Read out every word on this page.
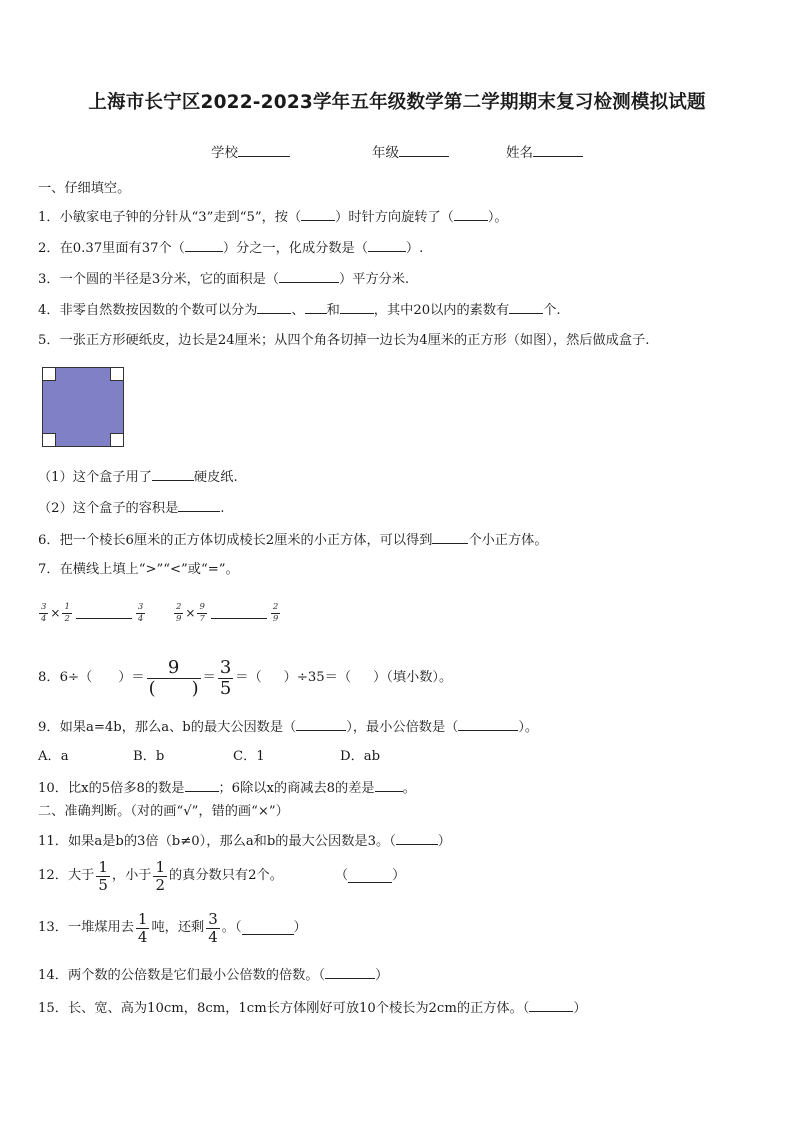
上海市长宁区2022-2023学年五年级数学第二学期期末复习检测模拟试题
学校	年级	姓名
一、仔细填空。
1．小敏家电子钟的分针从“3”走到“5”，按（	）时针方向旋转了（	）。
2．在0.37里面有37个（	）分之一，化成分数是（	）.
3．一个圆的半径是3分米，它的面积是（	）平方分米.
4．非零自然数按因数的个数可以分为	、 和	，其中20以内的素数有	个.
5．一张正方形硬纸皮，边长是24厘米；从四个角各切掉一边长为4厘米的正方形（如图），然后做成盒子.
（1）这个盒子用了	硬皮纸.
（2）这个盒子的容积是	.
6．把一个棱长6厘米的正方体切成棱长2厘米的小正方体，可以得到	个小正方体。
7．在横线上填上“>”“<”或“=”。
$\frac{3}{4} \times \frac{1}{2}$	$\frac{3}{4}$	$\frac{2}{9} \times \frac{9}{7}$	$\frac{2}{9}$
8．6÷（ ）＝ $\frac{9}{( )} = \frac{3}{5}$ ＝（ ）÷35＝（ ）（填小数）。
9．如果a=4b，那么a、b的最大公因数是（	），最小公倍数是（	）。
A．a	B．b	C．1	D．ab
10．比x的5倍多8的数是	；6除以x的商减去8的差是 。
二、准确判断。（对的画“√”，错的画“×”）
11．如果a是b的3倍（b≠0），那么a和b的最大公因数是3。（	）
12．大于 $\frac{1}{5}$ ，小于 $\frac{1}{2}$ 的真分数只有2个。	（	）
13．一堆煤用去 $\frac{1}{4}$ 吨，还剩 $\frac{3}{4}$ 。（	）
14．两个数的公倍数是它们最小公倍数的倍数。（	）
15．长、宽、高为10cm，8cm，1cm长方体刚好可放10个棱长为2cm的正方体。（	）
